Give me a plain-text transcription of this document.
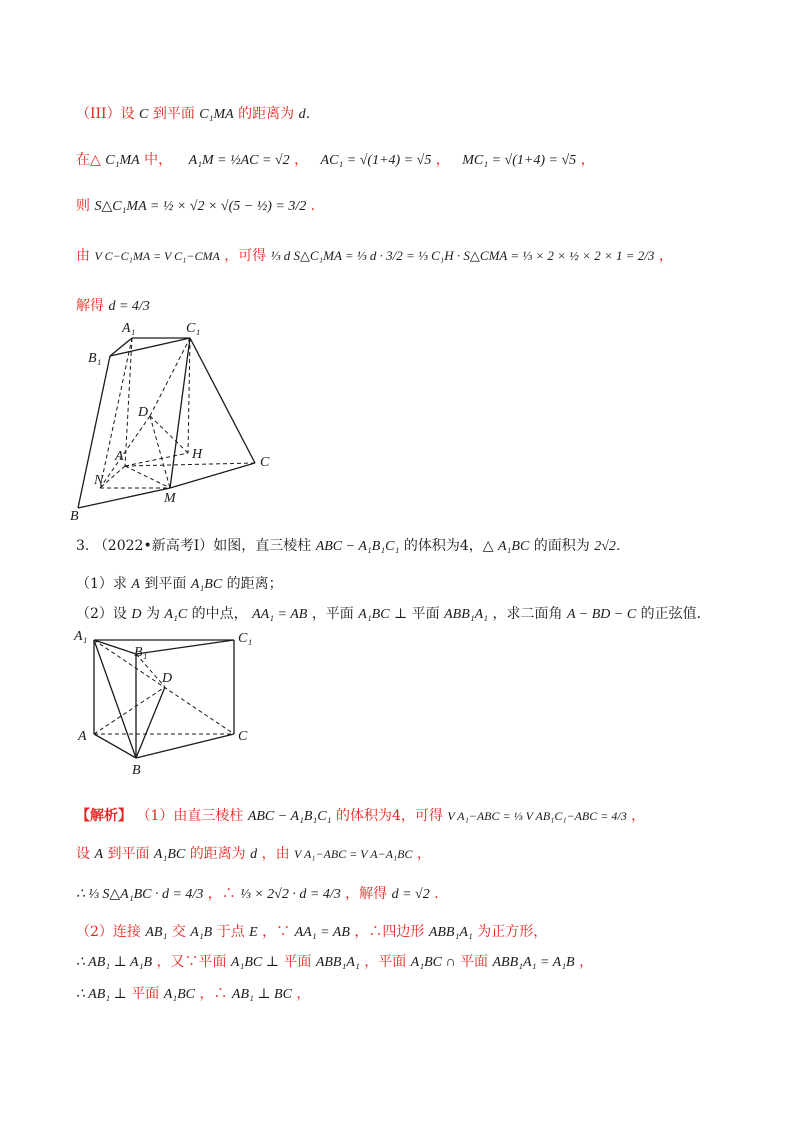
（III）设 C 到平面 C₁MA 的距离为 d．
在△ C₁MA 中， A₁M = ½AC = √2 ， AC₁ = √(1+4) = √5 ， MC₁ = √(1+4) = √5 ，
则 S△C₁MA = ½ × √2 × √(5 − ½) = 3/2 ．
由 V C−C₁MA = V C₁−CMA ，可得 ⅓ d S△C₁MA = ⅓ d · 3/2 = ⅓ C₁H · S△CMA = ⅓ × 2 × ½ × 2 × 1 = 2/3 ，
解得 d = 4/3
A₁	C₁
B₁
D
A	H
C
N
M
B
3. （2022•新高考Ⅰ）如图，直三棱柱 ABC − A₁B₁C₁ 的体积为4，△ A₁BC 的面积为 2√2．
（1）求 A 到平面 A₁BC 的距离；
（2）设 D 为 A₁C 的中点， AA₁ = AB ，平面 A₁BC ⊥ 平面 ABB₁A₁ ，求二面角 A − BD − C 的正弦值．
A₁	C₁
B₁
D
A	C
B
【解析】 （1）由直三棱柱 ABC − A₁B₁C₁ 的体积为4，可得 V A₁−ABC = ⅓ V AB₁C₁−ABC = 4/3 ，
设 A 到平面 A₁BC 的距离为 d ，由 V A₁−ABC = V A−A₁BC ，
∴ ⅓ S△A₁BC · d = 4/3 ，∴ ⅓ × 2√2 · d = 4/3 ，解得 d = √2 ．
（2）连接 AB₁ 交 A₁B 于点 E ，∵ AA₁ = AB ，∴四边形 ABB₁A₁ 为正方形，
∴ AB₁ ⊥ A₁B ，又∵平面 A₁BC ⊥ 平面 ABB₁A₁ ，平面 A₁BC ∩ 平面 ABB₁A₁ = A₁B ，
∴ AB₁ ⊥ 平面 A₁BC ，∴ AB₁ ⊥ BC ，
